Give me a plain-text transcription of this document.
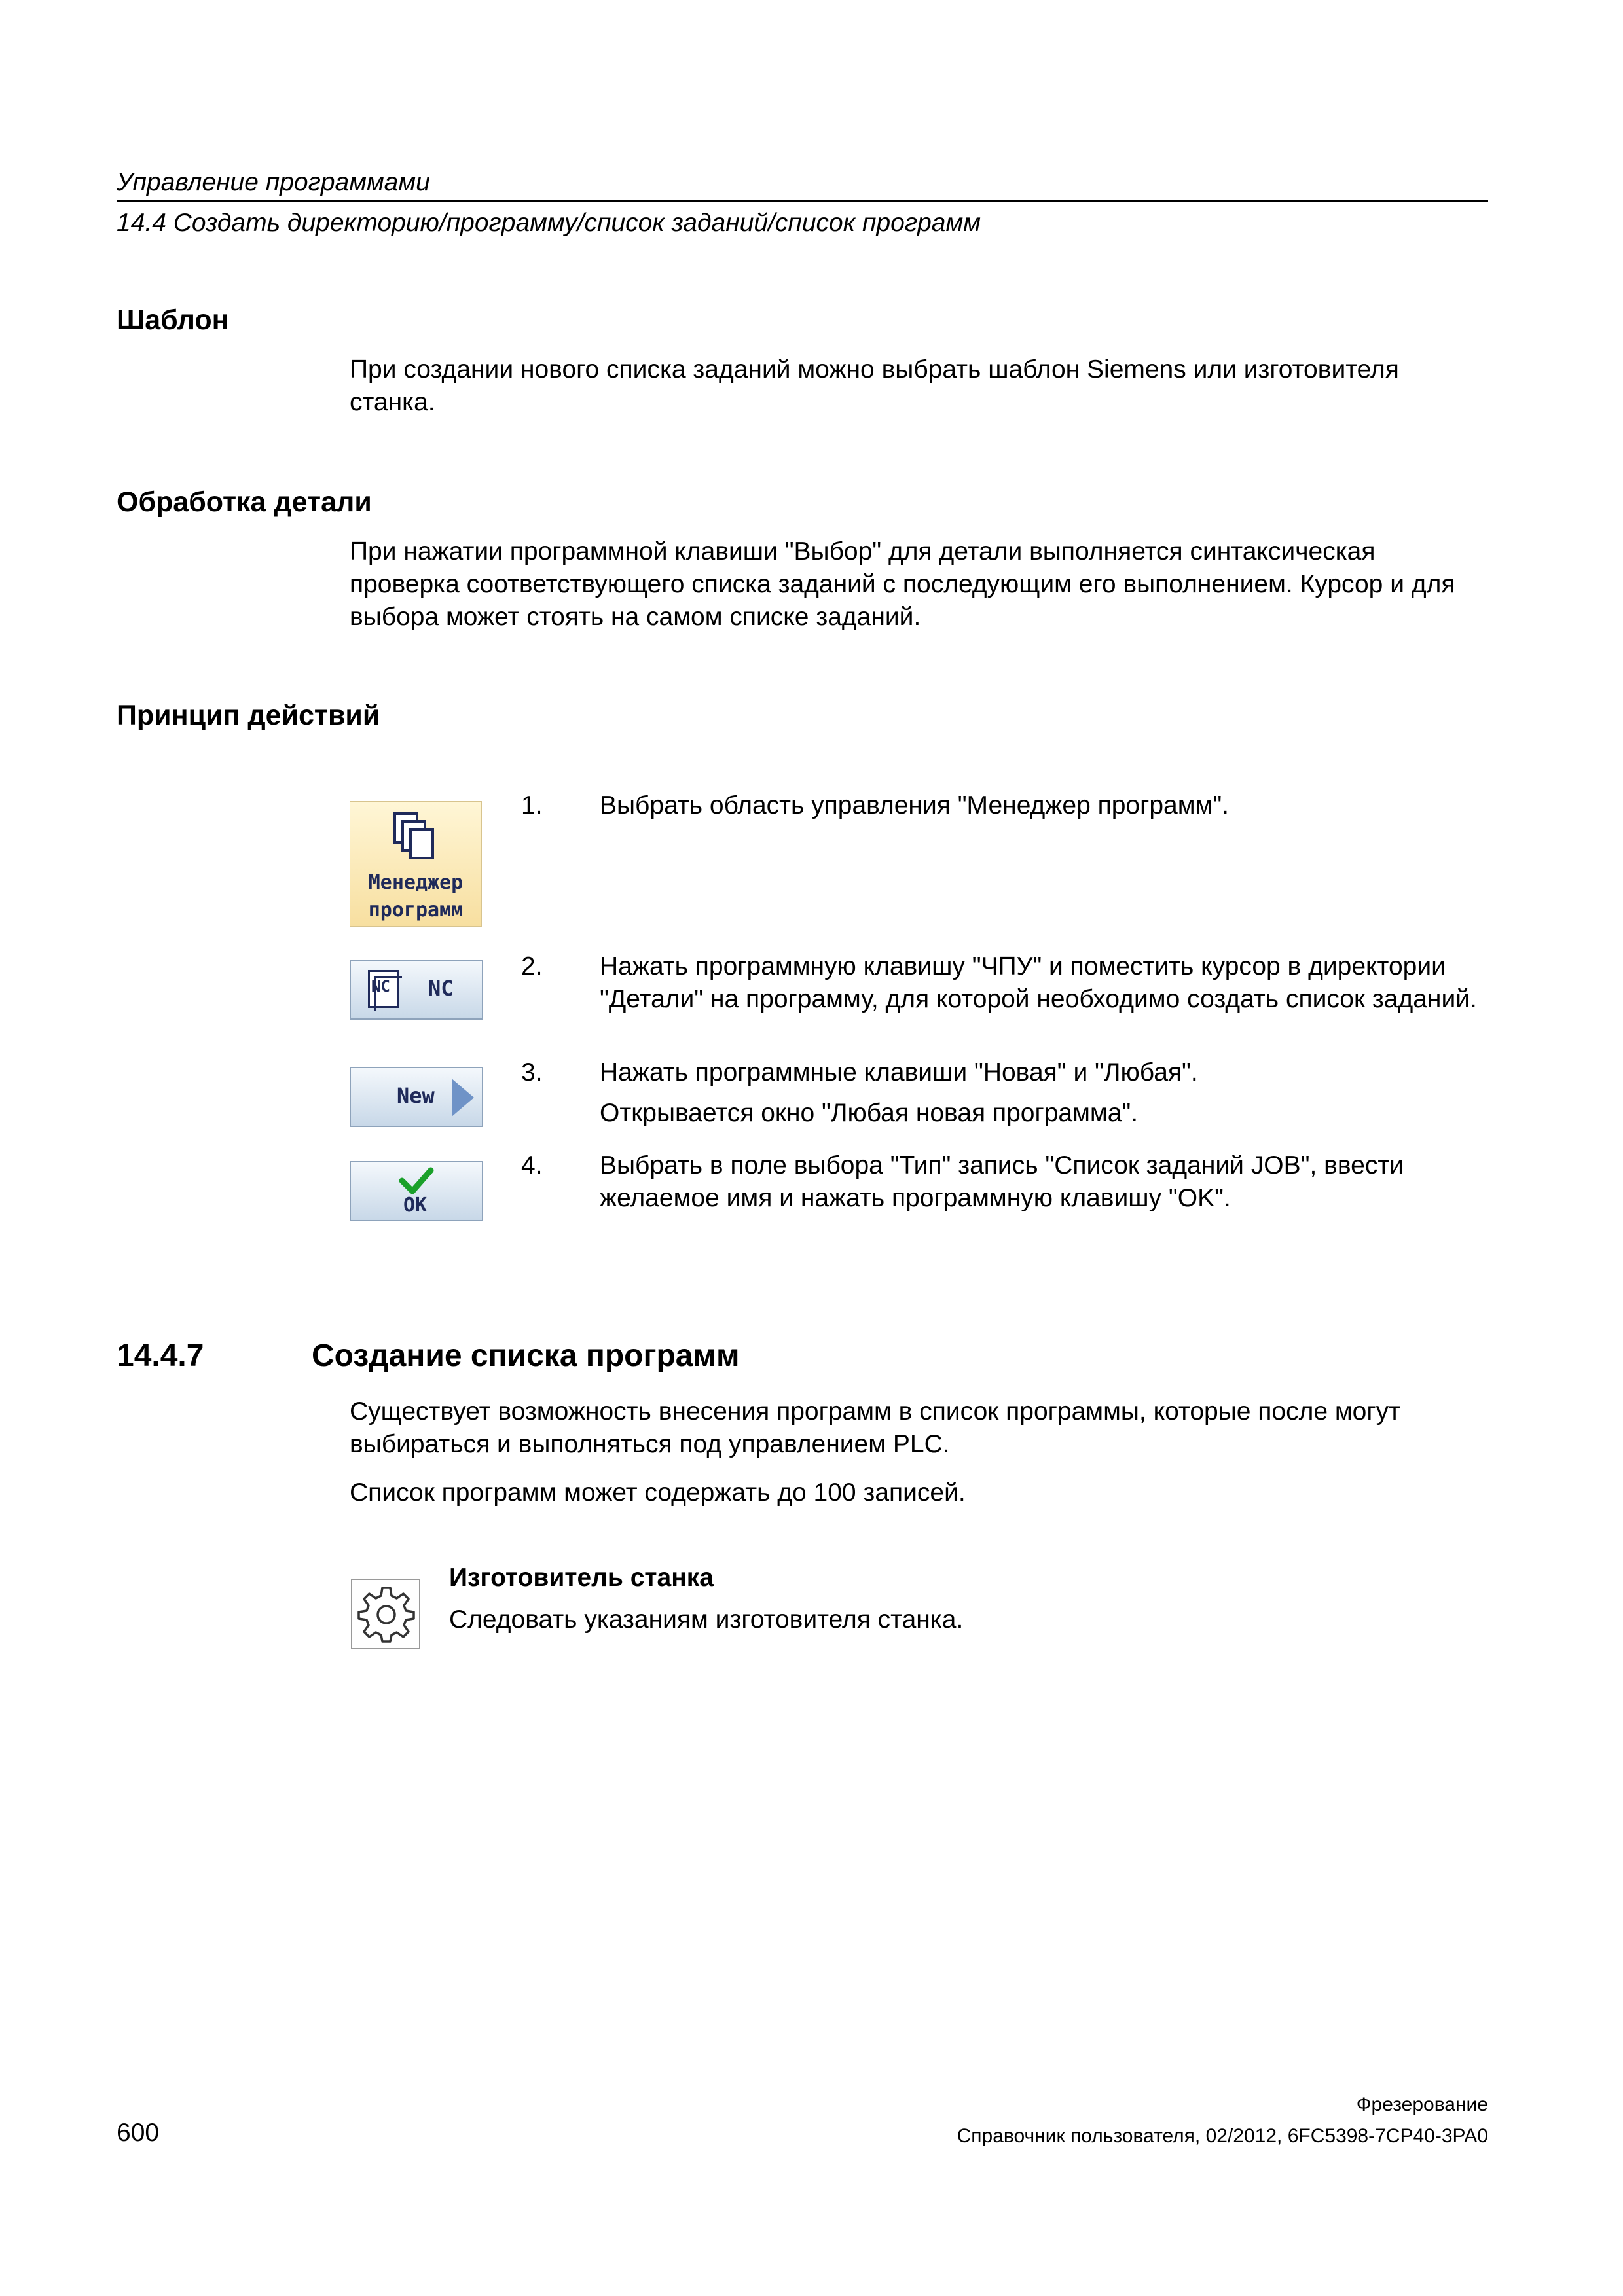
Управление программами
14.4 Создать директорию/программу/список заданий/список программ
Шаблон
При создании нового списка заданий можно выбрать шаблон Siemens или изготовителя станка.
Обработка детали
При нажатии программной клавиши "Выбор" для детали выполняется синтаксическая проверка соответствующего списка заданий с последующим его выполнением. Курсор и для выбора может стоять на самом списке заданий.
Принцип действий
Менеджер
программ
1. Выбрать область управления "Менеджер программ".
NC NC
2. Нажать программную клавишу "ЧПУ" и поместить курсор в директории "Детали" на программу, для которой необходимо создать список заданий.
New
3. Нажать программные клавиши "Новая" и "Любая".
Открывается окно "Любая новая программа".
OK
4. Выбрать в поле выбора "Тип" запись "Список заданий JOB", ввести желаемое имя и нажать программную клавишу "OK".
14.4.7	Создание списка программ
Существует возможность внесения программ в список программы, которые после могут выбираться и выполняться под управлением PLC.
Список программ может содержать до 100 записей.
Изготовитель станка
Следовать указаниям изготовителя станка.
Фрезерование
600	Справочник пользователя, 02/2012, 6FC5398-7CP40-3PA0
